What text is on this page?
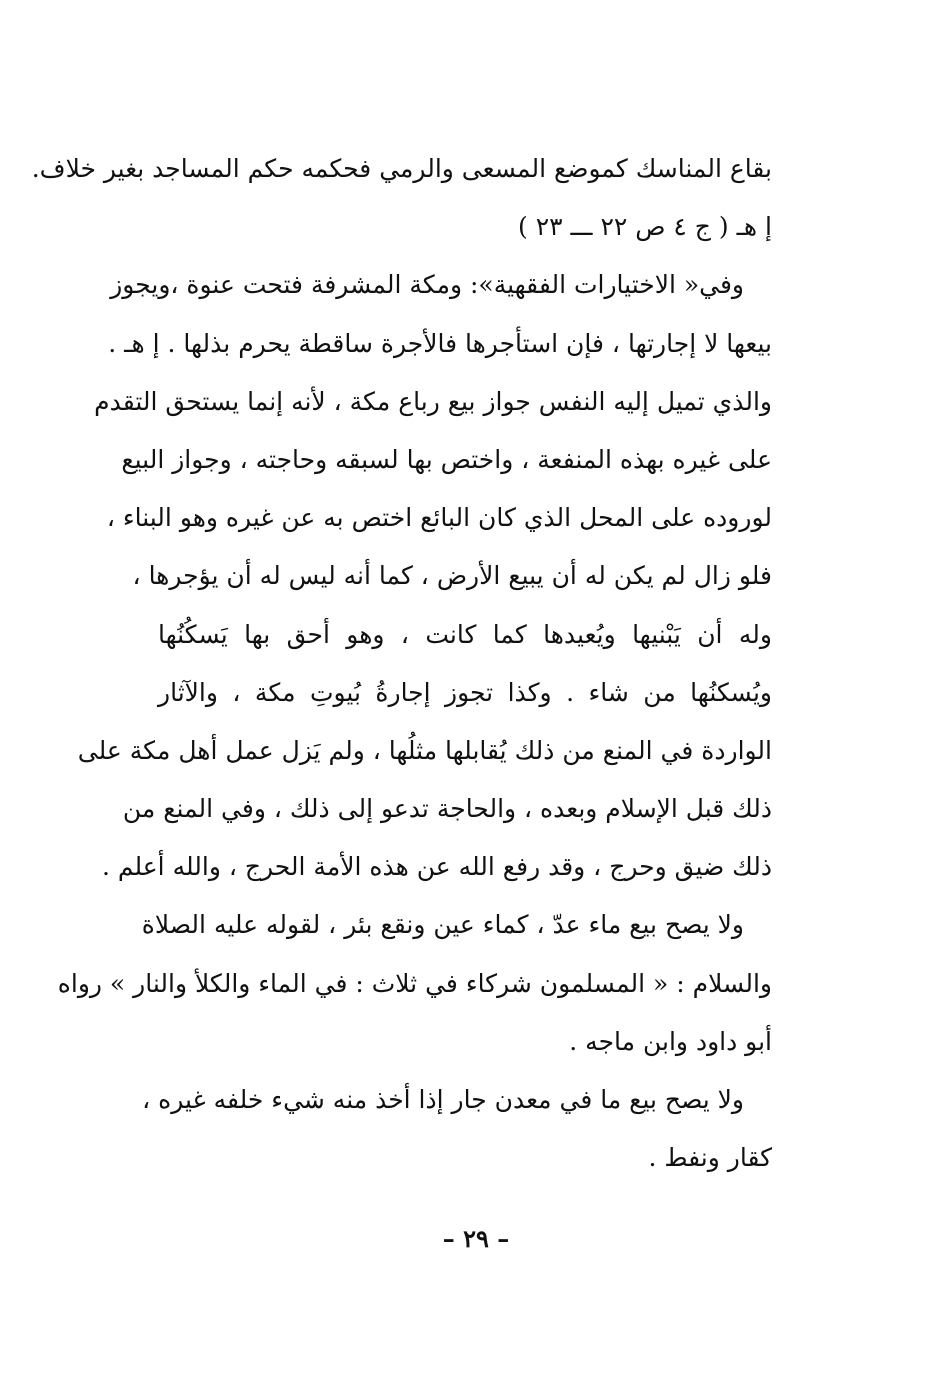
بقاع المناسك كموضع المسعى والرمي فحكمه حكم المساجد بغير خلاف.
إ هـ ( ج ٤ ص ٢٢ ـــ ٢٣ )
وفي« الاختيارات الفقهية»: ومكة المشرفة فتحت عنوة ،ويجوز
بيعها لا إجارتها ، فإن استأجرها فالأجرة ساقطة يحرم بذلها . إ هـ .
والذي تميل إليه النفس جواز بيع رباع مكة ، لأنه إنما يستحق التقدم
على غيره بهذه المنفعة ، واختص بها لسبقه وحاجته ، وجواز البيع
لوروده على المحل الذي كان البائع اختص به عن غيره وهو البناء ،
فلو زال لم يكن له أن يبيع الأرض ، كما أنه ليس له أن يؤجرها ،
وله أن يَبْنيها ويُعيدها كما كانت ، وهو أحق بها يَسكُنُها
ويُسكنُها من شاء . وكذا تجوز إجارةُ بُيوتِ مكة ، والآثار
الواردة في المنع من ذلك يُقابلها مثلُها ، ولم يَزل عمل أهل مكة على
ذلك قبل الإسلام وبعده ، والحاجة تدعو إلى ذلك ، وفي المنع من
ذلك ضيق وحرج ، وقد رفع الله عن هذه الأمة الحرج ، والله أعلم .
ولا يصح بيع ماء عدّ ، كماء عين ونقع بئر ، لقوله عليه الصلاة
والسلام : « المسلمون شركاء في ثلاث : في الماء والكلأ والنار » رواه
أبو داود وابن ماجه .
ولا يصح بيع ما في معدن جار إذا أخذ منه شيء خلفه غيره ،
كقار ونفط .
– ٢٩ –
